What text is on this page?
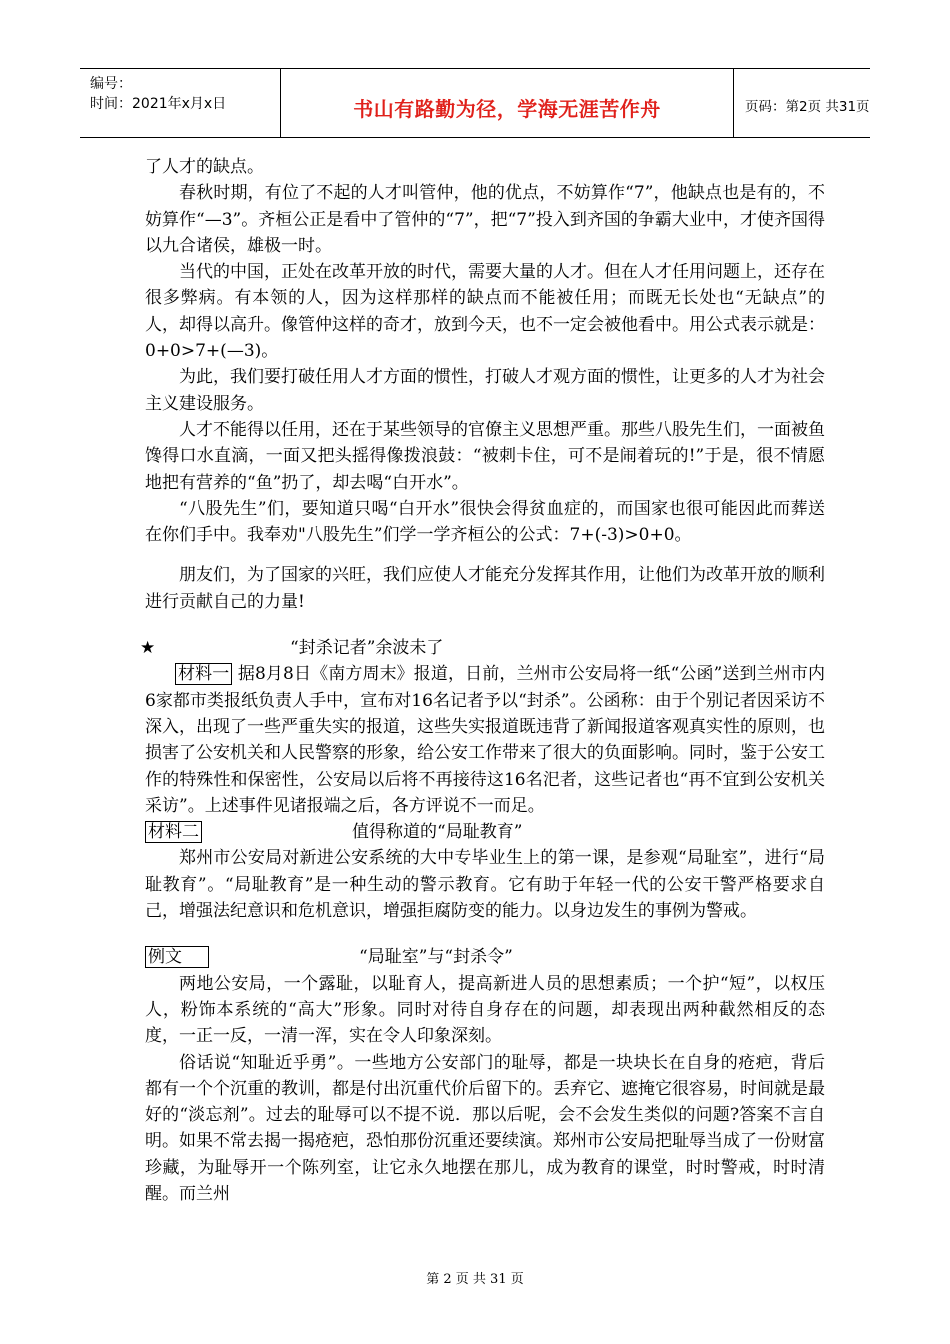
编号：
时间：2021年x月x日	书山有路勤为径，学海无涯苦作舟	页码：第2页 共31页

了人才的缺点。

春秋时期，有位了不起的人才叫管仲，他的优点，不妨算作“7”，他缺点也是有的，不妨算作“—3”。齐桓公正是看中了管仲的“7”，把“7”投入到齐国的争霸大业中，才使齐国得以九合诸侯，雄极一时。

当代的中国，正处在改革开放的时代，需要大量的人才。但在人才任用问题上，还存在很多弊病。有本领的人，因为这样那样的缺点而不能被任用；而既无长处也“无缺点”的人，却得以高升。像管仲这样的奇才，放到今天，也不一定会被他看中。用公式表示就是：0+0>7+(—3)。

为此，我们要打破任用人才方面的惯性，打破人才观方面的惯性，让更多的人才为社会主义建设服务。

人才不能得以任用，还在于某些领导的官僚主义思想严重。那些八股先生们，一面被鱼馋得口水直滴，一面又把头摇得像拨浪鼓：“被刺卡住，可不是闹着玩的!”于是，很不情愿地把有营养的“鱼”扔了，却去喝“白开水”。

“八股先生”们，要知道只喝“白开水”很快会得贫血症的，而国家也很可能因此而葬送在你们手中。我奉劝"八股先生”们学一学齐桓公的公式：7+(-3)>0+0。

朋友们，为了国家的兴旺，我们应使人才能充分发挥其作用，让他们为改革开放的顺利进行贡献自己的力量!

★	“封杀记者”余波未了

材料一 据8月8日《南方周末》报道，日前，兰州市公安局将一纸“公函”送到兰州市内6家都市类报纸负责人手中，宣布对16名记者予以“封杀”。公函称：由于个别记者因采访不深入，出现了一些严重失实的报道，这些失实报道既违背了新闻报道客观真实性的原则，也损害了公安机关和人民警察的形象，给公安工作带来了很大的负面影响。同时，鉴于公安工作的特殊性和保密性，公安局以后将不再接待这16名汜者，这些记者也“再不宜到公安机关采访”。上述事件见诸报端之后，各方评说不一而足。

材料二	值得称道的“局耻教育”

郑州市公安局对新进公安系统的大中专毕业生上的第一课，是参观“局耻室”，进行“局耻教育”。“局耻教育”是一种生动的警示教育。它有助于年轻一代的公安干警严格要求自己，增强法纪意识和危机意识，增强拒腐防变的能力。以身边发生的事例为警戒。

例文	“局耻室”与“封杀令”

两地公安局，一个露耻，以耻育人，提高新进人员的思想素质；一个护“短”，以权压人，粉饰本系统的“高大”形象。同时对待自身存在的问题，却表现出两种截然相反的态度，一正一反，一清一浑，实在令人印象深刻。

俗话说“知耻近乎勇”。一些地方公安部门的耻辱，都是一块块长在自身的疮疤，背后都有一个个沉重的教训，都是付出沉重代价后留下的。丢弃它、遮掩它很容易，时间就是最好的“淡忘剂”。过去的耻辱可以不提不说．那以后呢，会不会发生类似的问题?答案不言自明。如果不常去揭一揭疮疤，恐怕那份沉重还要续演。郑州市公安局把耻辱当成了一份财富珍藏，为耻辱开一个陈列室，让它永久地摆在那儿，成为教育的课堂，时时警戒，时时清醒。而兰州

第 2 页 共 31 页
